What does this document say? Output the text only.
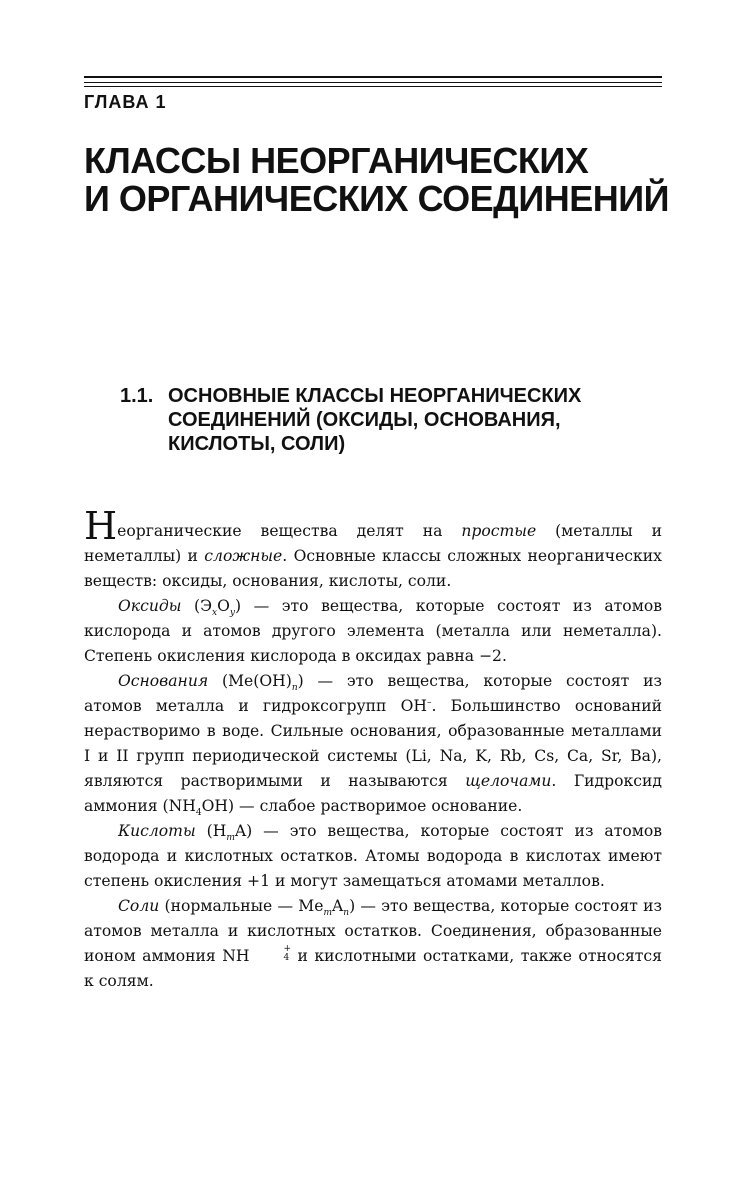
ГЛАВА 1
КЛАССЫ НЕОРГАНИЧЕСКИХ
И ОРГАНИЧЕСКИХ СОЕДИНЕНИЙ
1.1. ОСНОВНЫЕ КЛАССЫ НЕОРГАНИЧЕСКИХ
СОЕДИНЕНИЙ (ОКСИДЫ, ОСНОВАНИЯ,
КИСЛОТЫ, СОЛИ)

Неорганические вещества делят на простые (металлы и неметаллы) и сложные. Основные классы сложных неорганических веществ: оксиды, основания, кислоты, соли.

Оксиды $(Э_xO_y)$ — это вещества, которые состоят из атомов кислорода и атомов другого элемента (металла или неметалла). Степень окисления кислорода в оксидах равна −2.

Основания $(Me(OH)_n)$ — это вещества, которые состоят из атомов металла и гидроксогрупп OH–. Большинство оснований нерастворимо в воде. Сильные основания, образованные металлами I и II групп периодической системы (Li, Na, K, Rb, Cs, Ca, Sr, Ba), являются растворимыми и называются щелочами. Гидроксид аммония $(NH_4OH)$ — слабое растворимое основание.

Кислоты $(H_mA)$ — это вещества, которые состоят из атомов водорода и кислотных остатков. Атомы водорода в кислотах имеют степень окисления +1 и могут замещаться атомами металлов.

Соли (нормальные — $Me_mA_n$) — это вещества, которые состоят из атомов металла и кислотных остатков. Соединения, образованные ионом аммония NH	+
4 и кислотными остатками, также относятся к солям.
